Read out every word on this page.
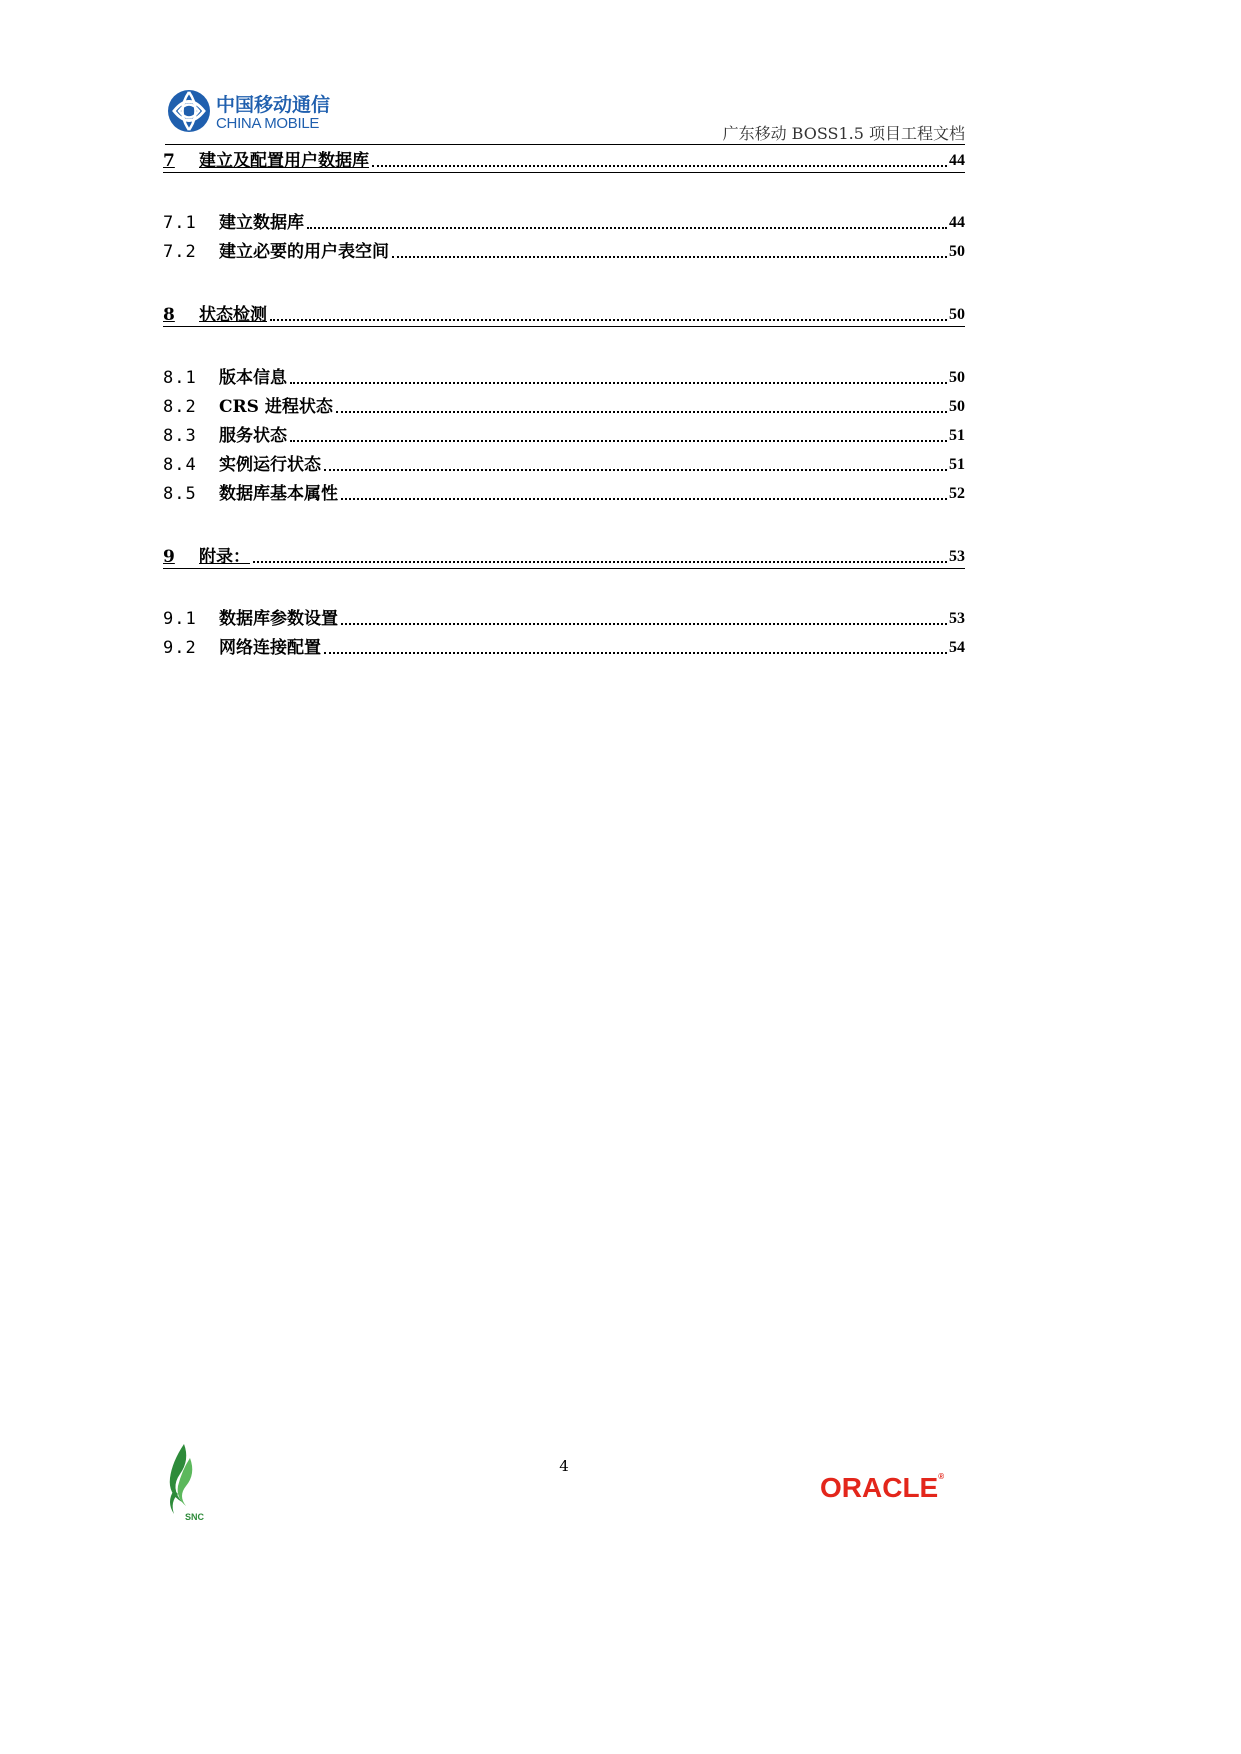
中国移动通信
CHINA MOBILE
广东移动 BOSS1.5 项目工程文档
7	建立及配置用户数据库	44
7.1	建立数据库	44
7.2	建立必要的用户表空间	50
8	状态检测	50
8.1	版本信息	50
8.2	CRS 进程状态	50
8.3	服务状态	51
8.4	实例运行状态	51
8.5	数据库基本属性	52
9	附录：	53
9.1	数据库参数设置	53
9.2	网络连接配置	54
SNC
4
ORACLE®
